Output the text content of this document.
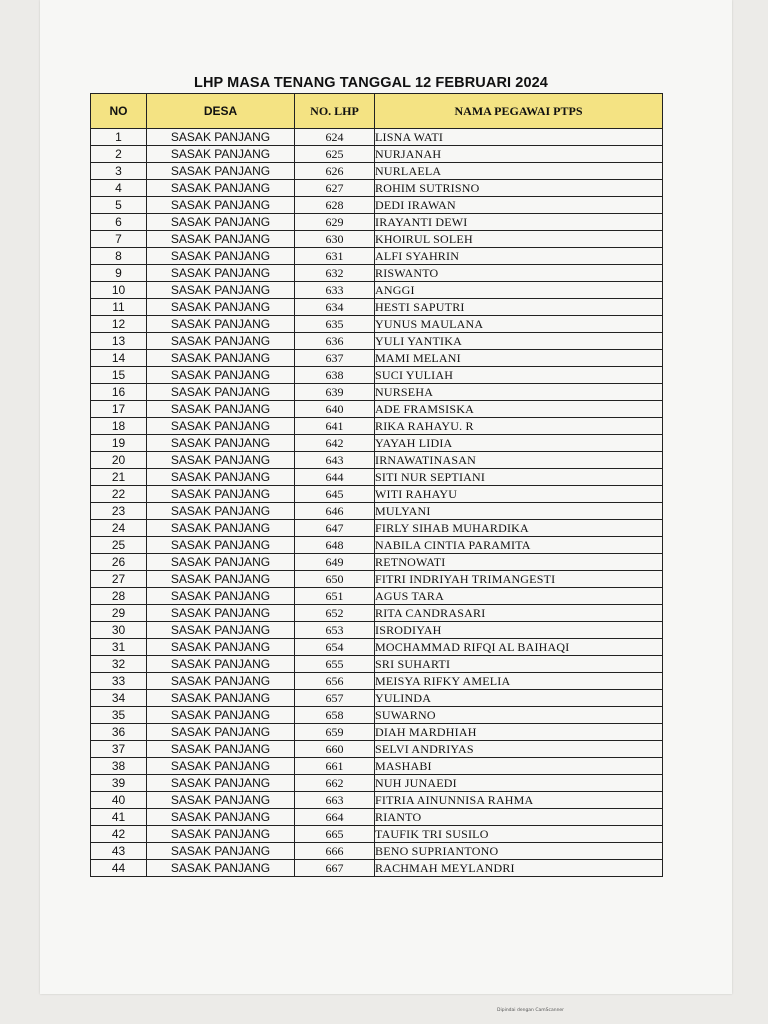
LHP MASA TENANG TANGGAL 12 FEBRUARI 2024
NO	DESA	NO. LHP	NAMA PEGAWAI PTPS
1	SASAK PANJANG	624	LISNA WATI
2	SASAK PANJANG	625	NURJANAH
3	SASAK PANJANG	626	NURLAELA
4	SASAK PANJANG	627	ROHIM SUTRISNO
5	SASAK PANJANG	628	DEDI IRAWAN
6	SASAK PANJANG	629	IRAYANTI DEWI
7	SASAK PANJANG	630	KHOIRUL SOLEH
8	SASAK PANJANG	631	ALFI SYAHRIN
9	SASAK PANJANG	632	RISWANTO
10	SASAK PANJANG	633	ANGGI
11	SASAK PANJANG	634	HESTI SAPUTRI
12	SASAK PANJANG	635	YUNUS MAULANA
13	SASAK PANJANG	636	YULI YANTIKA
14	SASAK PANJANG	637	MAMI MELANI
15	SASAK PANJANG	638	SUCI YULIAH
16	SASAK PANJANG	639	NURSEHA
17	SASAK PANJANG	640	ADE FRAMSISKA
18	SASAK PANJANG	641	RIKA RAHAYU. R
19	SASAK PANJANG	642	YAYAH LIDIA
20	SASAK PANJANG	643	IRNAWATINASAN
21	SASAK PANJANG	644	SITI NUR SEPTIANI
22	SASAK PANJANG	645	WITI RAHAYU
23	SASAK PANJANG	646	MULYANI
24	SASAK PANJANG	647	FIRLY SIHAB MUHARDIKA
25	SASAK PANJANG	648	NABILA CINTIA PARAMITA
26	SASAK PANJANG	649	RETNOWATI
27	SASAK PANJANG	650	FITRI INDRIYAH TRIMANGESTI
28	SASAK PANJANG	651	AGUS TARA
29	SASAK PANJANG	652	RITA CANDRASARI
30	SASAK PANJANG	653	ISRODIYAH
31	SASAK PANJANG	654	MOCHAMMAD RIFQI AL BAIHAQI
32	SASAK PANJANG	655	SRI SUHARTI
33	SASAK PANJANG	656	MEISYA RIFKY AMELIA
34	SASAK PANJANG	657	YULINDA
35	SASAK PANJANG	658	SUWARNO
36	SASAK PANJANG	659	DIAH MARDHIAH
37	SASAK PANJANG	660	SELVI ANDRIYAS
38	SASAK PANJANG	661	MASHABI
39	SASAK PANJANG	662	NUH JUNAEDI
40	SASAK PANJANG	663	FITRIA AINUNNISA RAHMA
41	SASAK PANJANG	664	RIANTO
42	SASAK PANJANG	665	TAUFIK TRI SUSILO
43	SASAK PANJANG	666	BENO SUPRIANTONO
44	SASAK PANJANG	667	RACHMAH MEYLANDRI
Dipindai dengan CamScanner
